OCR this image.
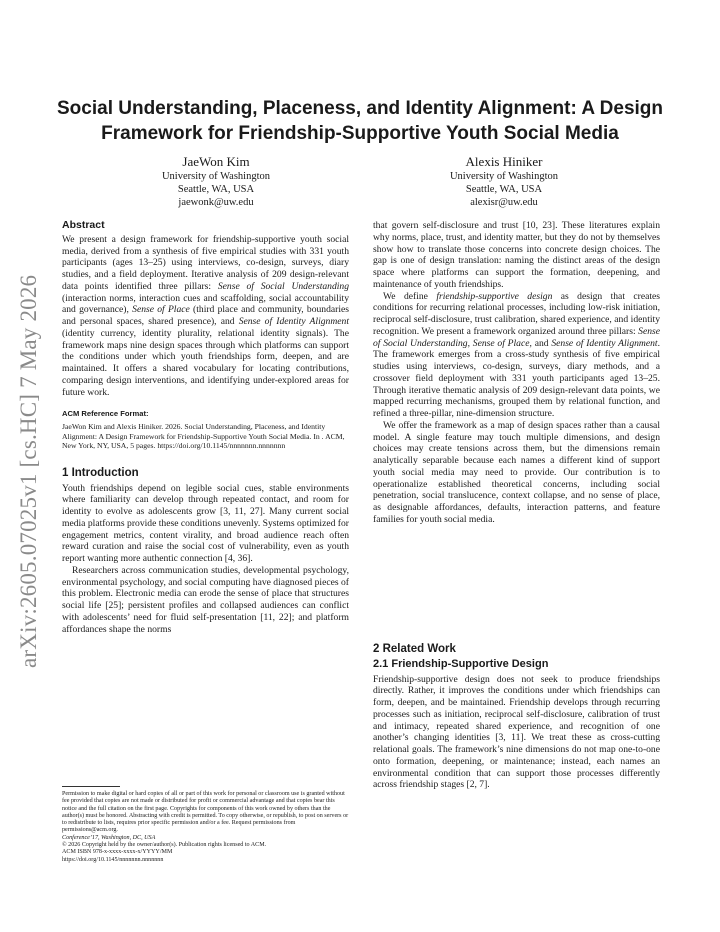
arXiv:2605.07025v1 [cs.HC] 7 May 2026
Social Understanding, Placeness, and Identity Alignment: A Design Framework for Friendship-Supportive Youth Social Media
JaeWon Kim
University of Washington
Seattle, WA, USA
jaewonk@uw.edu
Alexis Hiniker
University of Washington
Seattle, WA, USA
alexisr@uw.edu
Abstract

We present a design framework for friendship-supportive youth social media, derived from a synthesis of five empirical studies with 331 youth participants (ages 13–25) using interviews, co-design, surveys, diary studies, and a field deployment. Iterative analysis of 209 design-relevant data points identified three pillars: Sense of Social Understanding (interaction norms, interaction cues and scaffolding, social accountability and governance), Sense of Place (third place and community, boundaries and personal spaces, shared presence), and Sense of Identity Alignment (identity currency, identity plurality, relational identity signals). The framework maps nine design spaces through which platforms can support the conditions under which youth friendships form, deepen, and are maintained. It offers a shared vocabulary for locating contributions, comparing design interventions, and identifying under-explored areas for future work.

ACM Reference Format:

JaeWon Kim and Alexis Hiniker. 2026. Social Understanding, Placeness, and Identity Alignment: A Design Framework for Friendship-Supportive Youth Social Media. In . ACM, New York, NY, USA, 5 pages. https://doi.org/10.1145/nnnnnnn.nnnnnnn

1 Introduction

Youth friendships depend on legible social cues, stable environments where familiarity can develop through repeated contact, and room for identity to evolve as adolescents grow [3, 11, 27]. Many current social media platforms provide these conditions unevenly. Systems optimized for engagement metrics, content virality, and broad audience reach often reward curation and raise the social cost of vulnerability, even as youth report wanting more authentic connection [4, 36].

Researchers across communication studies, developmental psychology, environmental psychology, and social computing have diagnosed pieces of this problem. Electronic media can erode the sense of place that structures social life [25]; persistent profiles and collapsed audiences can conflict with adolescents’ need for fluid self-presentation [11, 22]; and platform affordances shape the norms

Permission to make digital or hard copies of all or part of this work for personal or classroom use is granted without fee provided that copies are not made or distributed for profit or commercial advantage and that copies bear this notice and the full citation on the first page. Copyrights for components of this work owned by others than the author(s) must be honored. Abstracting with credit is permitted. To copy otherwise, or republish, to post on servers or to redistribute to lists, requires prior specific permission and/or a fee. Request permissions from permissions@acm.org.

Conference’17, Washington, DC, USA

© 2026 Copyright held by the owner/author(s). Publication rights licensed to ACM.

ACM ISBN 978-x-xxxx-xxxx-x/YYYY/MM

https://doi.org/10.1145/nnnnnnn.nnnnnnn

that govern self-disclosure and trust [10, 23]. These literatures explain why norms, place, trust, and identity matter, but they do not by themselves show how to translate those concerns into concrete design choices. The gap is one of design translation: naming the distinct areas of the design space where platforms can support the formation, deepening, and maintenance of youth friendships.

We define friendship-supportive design as design that creates conditions for recurring relational processes, including low-risk initiation, reciprocal self-disclosure, trust calibration, shared experience, and identity recognition. We present a framework organized around three pillars: Sense of Social Understanding, Sense of Place, and Sense of Identity Alignment. The framework emerges from a cross-study synthesis of five empirical studies using interviews, co-design, surveys, diary methods, and a crossover field deployment with 331 youth participants aged 13–25. Through iterative thematic analysis of 209 design-relevant data points, we mapped recurring mechanisms, grouped them by relational function, and refined a three-pillar, nine-dimension structure.

We offer the framework as a map of design spaces rather than a causal model. A single feature may touch multiple dimensions, and design choices may create tensions across them, but the dimensions remain analytically separable because each names a different kind of support youth social media may need to provide. Our contribution is to operationalize established theoretical concerns, including social penetration, social translucence, context collapse, and no sense of place, as designable affordances, defaults, interaction patterns, and feature families for youth social media.

2 Related Work
2.1 Friendship-Supportive Design

Friendship-supportive design does not seek to produce friendships directly. Rather, it improves the conditions under which friendships can form, deepen, and be maintained. Friendship develops through recurring processes such as initiation, reciprocal self-disclosure, calibration of trust and intimacy, repeated shared experience, and recognition of one another’s changing identities [3, 11]. We treat these as cross-cutting relational goals. The framework’s nine dimensions do not map one-to-one onto formation, deepening, or maintenance; instead, each names an environmental condition that can support those processes differently across friendship stages [2, 7].
